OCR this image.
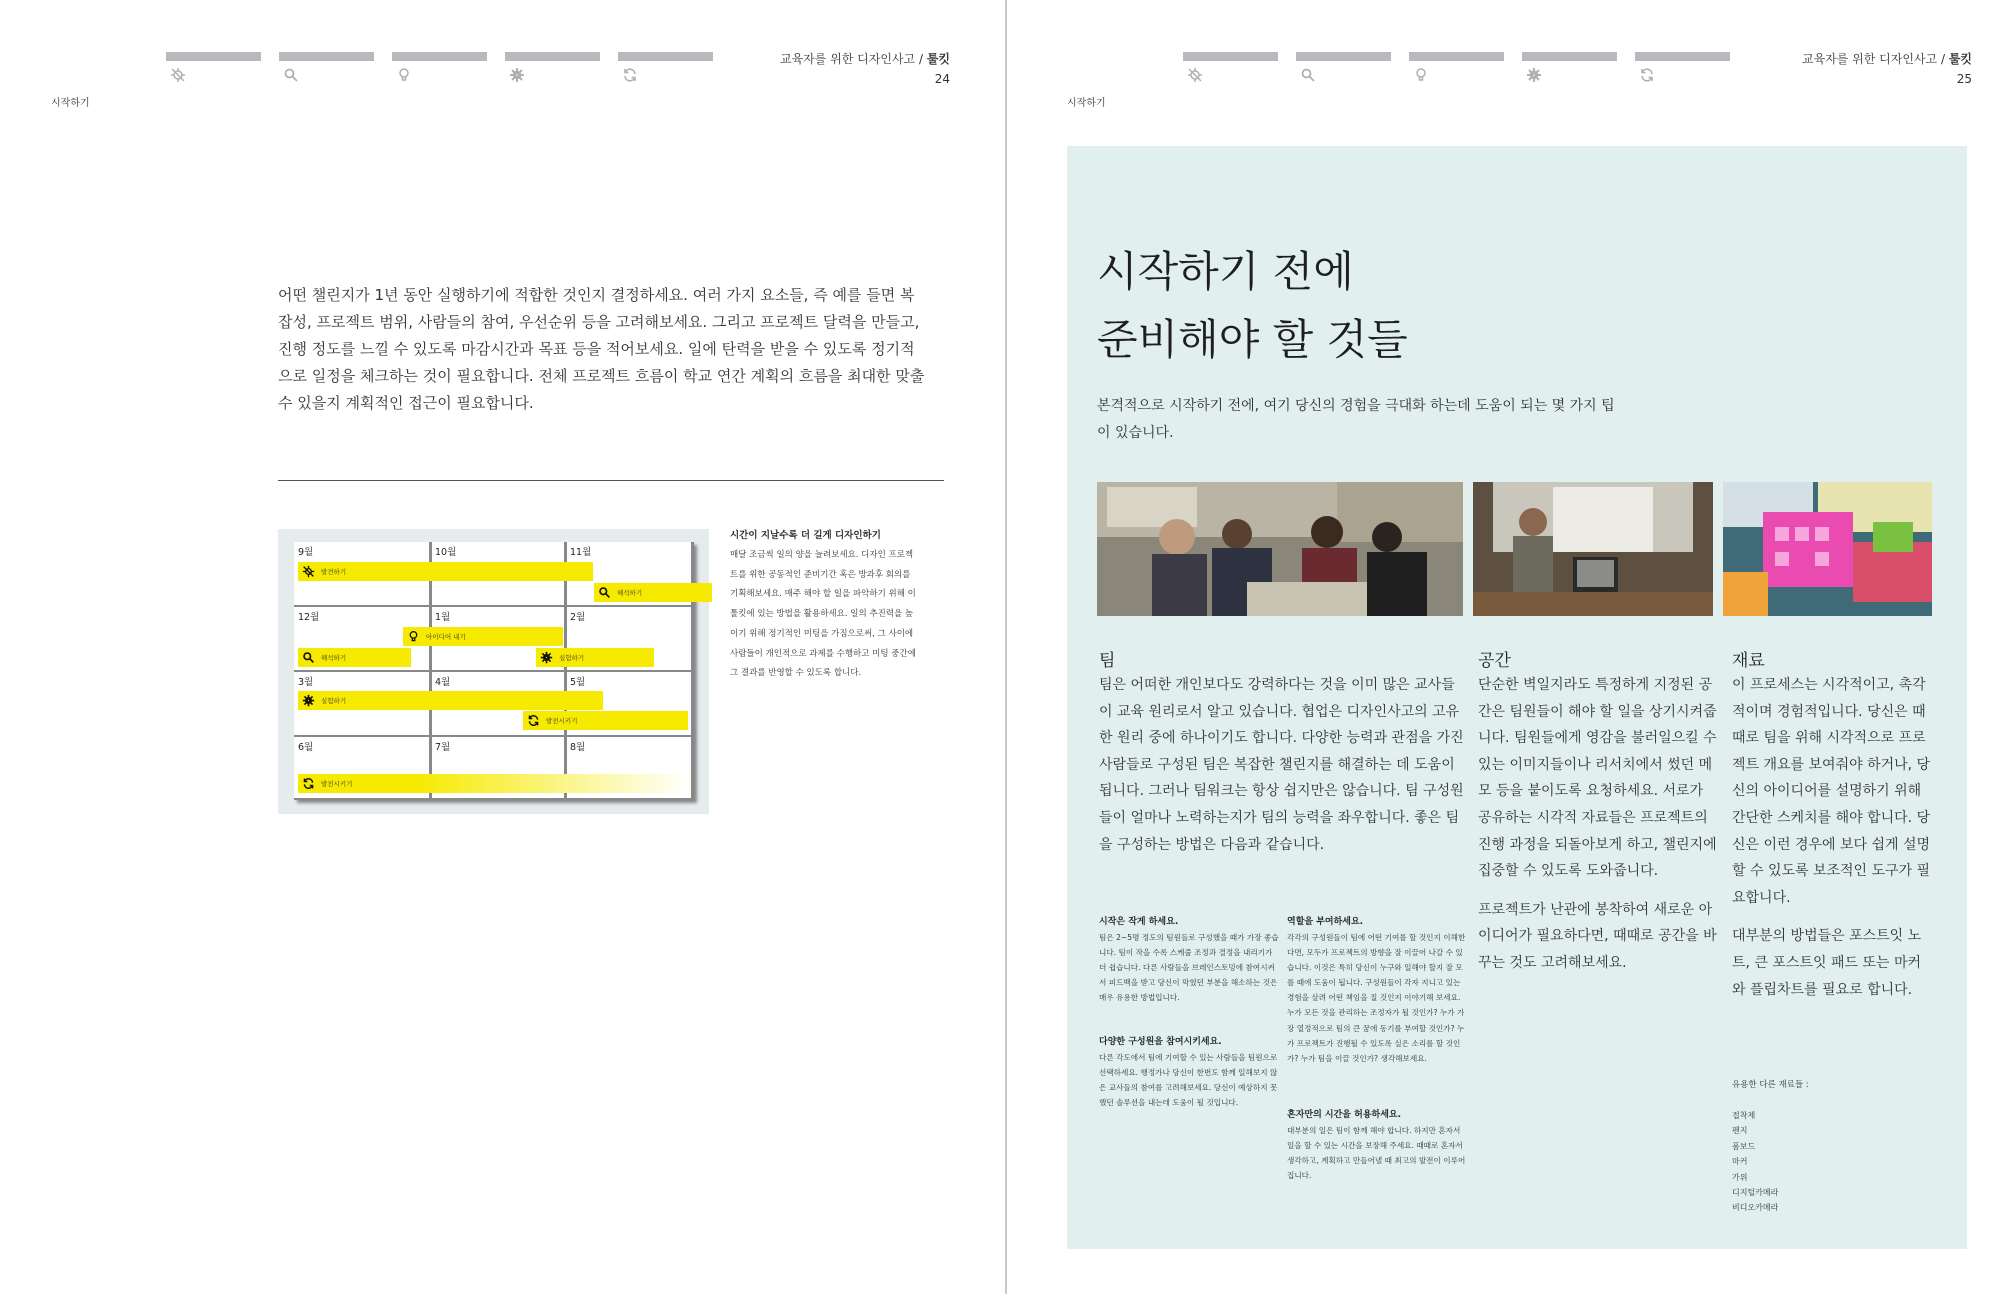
교육자를 위한 디자인사고 / 툴킷
24
시작하기
어떤 챌린지가 1년 동안 실행하기에 적합한 것인지 결정하세요. 여러 가지 요소들, 즉 예를 들면 복잡성, 프로젝트 범위, 사람들의 참여, 우선순위 등을 고려해보세요. 그리고 프로젝트 달력을 만들고, 진행 정도를 느낄 수 있도록 마감시간과 목표 등을 적어보세요. 일에 탄력을 받을 수 있도록 정기적으로 일정을 체크하는 것이 필요합니다. 전체 프로젝트 흐름이 학교 연간 계획의 흐름을 최대한 맞출 수 있을지 계획적인 접근이 필요합니다.
9월	10월	11월
12월	1월	2월
3월	4월	5월
6월	7월	8월
발견하기
해석하기
아이디어 내기
해석하기	실험하기
실험하기
발전시키기
발전시키기
시간이 지날수록 더 길게 디자인하기
매달 조금씩 일의 양을 늘려보세요. 디자인 프로젝트를 위한 공동적인 준비기간 혹은 방과후 회의를 기획해보세요. 매주 해야 할 일을 파악하기 위해 이 툴킷에 있는 방법을 활용하세요. 일의 추진력을 높이기 위해 정기적인 미팅을 가짐으로써, 그 사이에 사람들이 개인적으로 과제를 수행하고 미팅 중간에 그 결과를 반영할 수 있도록 합니다.
교육자를 위한 디자인사고 / 툴킷
25
시작하기
시작하기 전에
준비해야 할 것들
본격적으로 시작하기 전에, 여기 당신의 경험을 극대화 하는데 도움이 되는 몇 가지 팁이 있습니다.
팀

팀은 어떠한 개인보다도 강력하다는 것을 이미 많은 교사들이 교육 원리로서 알고 있습니다. 협업은 디자인사고의 고유한 원리 중에 하나이기도 합니다. 다양한 능력과 관점을 가진 사람들로 구성된 팀은 복잡한 챌린지를 해결하는 데 도움이 됩니다. 그러나 팀워크는 항상 쉽지만은 않습니다. 팀 구성원들이 얼마나 노력하는지가 팀의 능력을 좌우합니다. 좋은 팀을 구성하는 방법은 다음과 같습니다.

공간

단순한 벽일지라도 특정하게 지정된 공간은 팀원들이 해야 할 일을 상기시켜줍니다. 팀원들에게 영감을 불러일으킬 수 있는 이미지들이나 리서치에서 썼던 메모 등을 붙이도록 요청하세요. 서로가 공유하는 시각적 자료들은 프로젝트의 진행 과정을 되돌아보게 하고, 챌린지에 집중할 수 있도록 도와줍니다.

프로젝트가 난관에 봉착하여 새로운 아이디어가 필요하다면, 때때로 공간을 바꾸는 것도 고려해보세요.

재료

이 프로세스는 시각적이고, 촉각적이며 경험적입니다. 당신은 때때로 팀을 위해 시각적으로 프로젝트 개요를 보여줘야 하거나, 당신의 아이디어를 설명하기 위해 간단한 스케치를 해야 합니다. 당신은 이런 경우에 보다 쉽게 설명할 수 있도록 보조적인 도구가 필요합니다.

대부분의 방법들은 포스트잇 노트, 큰 포스트잇 패드 또는 마커와 플립차트를 필요로 합니다.

시작은 작게 하세요.
팀은 2~5명 정도의 팀원들로 구성했을 때가 가장 좋습니다. 팀이 작을 수록 스케줄 조정과 결정을 내리기가 더 쉽습니다. 다른 사람들을 브레인스토밍에 참여시켜서 피드백을 받고 당신이 막혔던 부분을 해소하는 것은 매우 유용한 방법입니다.
다양한 구성원을 참여시키세요.
다른 각도에서 팀에 기여할 수 있는 사람들을 팀원으로 선택하세요. 행정가나 당신이 한번도 함께 일해보지 않은 교사들의 참여를 고려해보세요. 당신이 예상하지 못했던 솔루션을 내는데 도움이 될 것입니다.
역할을 부여하세요.
각각의 구성원들이 팀에 어떤 기여를 할 것인지 이해한다면, 모두가 프로젝트의 방향을 잘 이끌어 나갈 수 있습니다. 이것은 특히 당신이 누구와 일해야 할지 잘 모를 때에 도움이 됩니다. 구성원들이 각자 지니고 있는 경험을 살려 어떤 책임을 질 것인지 이야기해 보세요. 누가 모든 것을 관리하는 조정자가 될 것인가? 누가 가장 열정적으로 팀의 큰 꿈에 동기를 부여할 것인가? 누가 프로젝트가 진행될 수 있도록 실은 소리를 할 것인가? 누가 팀을 이끌 것인가? 생각해보세요.
혼자만의 시간을 허용하세요.
대부분의 일은 팀이 함께 해야 합니다. 하지만 혼자서 일을 할 수 있는 시간을 보장해 주세요. 때때로 혼자서 생각하고, 계획하고 만들어낼 때 최고의 발전이 이루어집니다.
유용한 다른 재료들 :
접착제
펜지
폼보드
마커
가위
디지털카메라
비디오카메라
